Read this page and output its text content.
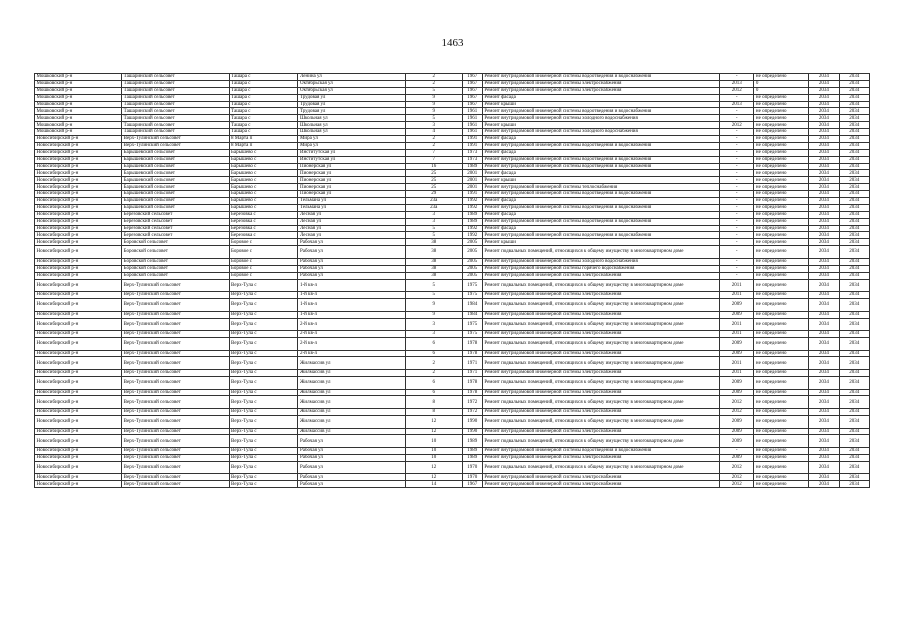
1463
Мошковский р-н	Ташаринский сельсовет	Ташара с	Ленина ул	2	1967	Ремонт внутридомовой инженерной системы водоотведения и водоснабжения	-	не определено	2034	2034
Мошковский р-н	Ташаринский сельсовет	Ташара с	Октябрьская ул	2	1967	Ремонт внутридомовой инженерной системы электроснабжения	2013	0	2034	2034
Мошковский р-н	Ташаринский сельсовет	Ташара с	Октябрьская ул	5	1967	Ремонт внутридомовой инженерной системы электроснабжения	2012	0	2034	2034
Мошковский р-н	Ташаринский сельсовет	Ташара с	Трудовая ул	9	1967	Ремонт фасада	-	не определено	2034	2034
Мошковский р-н	Ташаринский сельсовет	Ташара с	Трудовая ул	9	1967	Ремонт крыши	2013	не определено	2034	2034
Мошковский р-н	Ташаринский сельсовет	Ташара с	Трудовая ул	9	1961	Ремонт внутридомовой инженерной системы водоотведения и водоснабжения	-	не определено	2034	2034
Мошковский р-н	Ташаринский сельсовет	Ташара с	Школьная ул	5	1961	Ремонт внутридомовой инженерной системы холодного водоснабжения	-	не определено	2034	2034
Мошковский р-н	Ташаринский сельсовет	Ташара с	Школьная ул	3	1961	Ремонт крыши	2012	не определено	2034	2034
Мошковский р-н	Ташаринский сельсовет	Ташара с	Школьная ул	4	1961	Ремонт внутридомовой инженерной системы холодного водоснабжения	-	не определено	2034	2034
Новосибирский р-н	Верх-Тулинский сельсовет	8 Марта п	Мира ул	2	1991	Ремонт фасада	-	не определено	2034	2034
Новосибирский р-н	Верх-Тулинский сельсовет	8 Марта п	Мира ул	2	1991	Ремонт внутридомовой инженерной системы водоотведения и водоснабжения	-	не определено	2034	2034
Новосибирский р-н	Барышевский сельсовет	Барышево с	Институтская ул	7	1973	Ремонт фасада	-	не определено	2034	2034
Новосибирский р-н	Барышевский сельсовет	Барышево с	Институтская ул	7	1973	Ремонт внутридомовой инженерной системы водоотведения и водоснабжения	-	не определено	2034	2034
Новосибирский р-н	Барышевский сельсовет	Барышево с	Пионерская ул	16	1989	Ремонт внутридомовой инженерной системы водоотведения и водоснабжения	-	не определено	2034	2034
Новосибирский р-н	Барышевский сельсовет	Барышево с	Пионерская ул	25	2001	Ремонт фасада	-	не определено	2034	2034
Новосибирский р-н	Барышевский сельсовет	Барышево с	Пионерская ул	25	2001	Ремонт крыши	-	не определено	2034	2034
Новосибирский р-н	Барышевский сельсовет	Барышево с	Пионерская ул	25	2001	Ремонт внутридомовой инженерной системы теплоснабжения	-	не определено	2034	2034
Новосибирский р-н	Барышевский сельсовет	Барышево с	Пионерская ул	29	1991	Ремонт внутридомовой инженерной системы водоотведения и водоснабжения	-	не определено	2034	2034
Новосибирский р-н	Барышевский сельсовет	Барышево с	Тельмана ул	23а	1992	Ремонт фасада	-	не определено	2034	2034
Новосибирский р-н	Барышевский сельсовет	Барышево с	Тельмана ул	23а	1992	Ремонт внутридомовой инженерной системы водоотведения и водоснабжения	-	не определено	2034	2034
Новосибирский р-н	Березовский сельсовет	Березовка с	Лесная ул	3	1989	Ремонт фасада	-	не определено	2034	2034
Новосибирский р-н	Березовский сельсовет	Березовка с	Лесная ул	3	1989	Ремонт внутридомовой инженерной системы водоотведения и водоснабжения	-	не определено	2034	2034
Новосибирский р-н	Березовский сельсовет	Березовка с	Лесная ул	5	1992	Ремонт фасада	-	не определено	2034	2034
Новосибирский р-н	Березовский сельсовет	Березовка с	Лесная ул	5	1992	Ремонт внутридомовой инженерной системы водоотведения и водоснабжения	-	не определено	2034	2034
Новосибирский р-н	Боровской сельсовет	Боровое с	Рабочая ул	38	2005	Ремонт крыши	-	не определено	2034	2034
Новосибирский р-н	Боровской сельсовет	Боровое с	Рабочая ул	38	2005	Ремонт подвальных помещений, относящихся к общему имуществу в многоквартирном доме	-	не определено	2034	2034
Новосибирский р-н	Боровской сельсовет	Боровое с	Рабочая ул	38	2005	Ремонт внутридомовой инженерной системы холодного водоснабжения	-	не определено	2034	2034
Новосибирский р-н	Боровской сельсовет	Боровое с	Рабочая ул	38	2005	Ремонт внутридомовой инженерной системы горячего водоснабжения	-	не определено	2034	2034
Новосибирский р-н	Боровской сельсовет	Боровое с	Рабочая ул	38	2005	Ремонт внутридомовой инженерной системы электроснабжения	-	не определено	2034	2034
Новосибирский р-н	Верх-Тулинский сельсовет	Верх-Тула с	1-й кв-л	5	1975	Ремонт подвальных помещений, относящихся к общему имуществу в многоквартирном доме	2011	не определено	2034	2034
Новосибирский р-н	Верх-Тулинский сельсовет	Верх-Тула с	1-й кв-л	5	1975	Ремонт внутридомовой инженерной системы электроснабжения	2011	не определено	2034	2034
Новосибирский р-н	Верх-Тулинский сельсовет	Верх-Тула с	1-й кв-л	9	1984	Ремонт подвальных помещений, относящихся к общему имуществу в многоквартирном доме	2009	не определено	2034	2034
Новосибирский р-н	Верх-Тулинский сельсовет	Верх-Тула с	1-й кв-л	9	1984	Ремонт внутридомовой инженерной системы электроснабжения	2009	не определено	2034	2034
Новосибирский р-н	Верх-Тулинский сельсовет	Верх-Тула с	2-й кв-л	3	1975	Ремонт подвальных помещений, относящихся к общему имуществу в многоквартирном доме	2011	не определено	2034	2034
Новосибирский р-н	Верх-Тулинский сельсовет	Верх-Тула с	2-й кв-л	3	1975	Ремонт внутридомовой инженерной системы электроснабжения	2011	не определено	2034	2034
Новосибирский р-н	Верх-Тулинский сельсовет	Верх-Тула с	2-й кв-л	6	1978	Ремонт подвальных помещений, относящихся к общему имуществу в многоквартирном доме	2009	не определено	2034	2034
Новосибирский р-н	Верх-Тулинский сельсовет	Верх-Тула с	2-й кв-л	6	1978	Ремонт внутридомовой инженерной системы электроснабжения	2009	не определено	2034	2034
Новосибирский р-н	Верх-Тулинский сельсовет	Верх-Тула с	Жилмассив ул	2	1971	Ремонт подвальных помещений, относящихся к общему имуществу в многоквартирном доме	2011	не определено	2034	2034
Новосибирский р-н	Верх-Тулинский сельсовет	Верх-Тула с	Жилмассив ул	2	1971	Ремонт внутридомовой инженерной системы электроснабжения	2011	не определено	2034	2034
Новосибирский р-н	Верх-Тулинский сельсовет	Верх-Тула с	Жилмассив ул	6	1978	Ремонт подвальных помещений, относящихся к общему имуществу в многоквартирном доме	2009	не определено	2034	2034
Новосибирский р-н	Верх-Тулинский сельсовет	Верх-Тула с	Жилмассив ул	6	1978	Ремонт внутридомовой инженерной системы электроснабжения	2009	не определено	2034	2034
Новосибирский р-н	Верх-Тулинский сельсовет	Верх-Тула с	Жилмассив ул	8	1972	Ремонт подвальных помещений, относящихся к общему имуществу в многоквартирном доме	2012	не определено	2034	2034
Новосибирский р-н	Верх-Тулинский сельсовет	Верх-Тула с	Жилмассив ул	8	1972	Ремонт внутридомовой инженерной системы электроснабжения	2012	не определено	2034	2034
Новосибирский р-н	Верх-Тулинский сельсовет	Верх-Тула с	Жилмассив ул	12	1990	Ремонт подвальных помещений, относящихся к общему имуществу в многоквартирном доме	2009	не определено	2034	2034
Новосибирский р-н	Верх-Тулинский сельсовет	Верх-Тула с	Жилмассив ул	12	1990	Ремонт внутридомовой инженерной системы электроснабжения	2009	не определено	2034	2034
Новосибирский р-н	Верх-Тулинский сельсовет	Верх-Тула с	Рабочая ул	10	1989	Ремонт подвальных помещений, относящихся к общему имуществу в многоквартирном доме	2009	не определено	2034	2034
Новосибирский р-н	Верх-Тулинский сельсовет	Верх-Тула с	Рабочая ул	10	1989	Ремонт внутридомовой инженерной системы водоотведения и водоснабжения	-	не определено	2034	2034
Новосибирский р-н	Верх-Тулинский сельсовет	Верх-Тула с	Рабочая ул	10	1989	Ремонт внутридомовой инженерной системы электроснабжения	2009	не определено	2034	2034
Новосибирский р-н	Верх-Тулинский сельсовет	Верх-Тула с	Рабочая ул	12	1970	Ремонт подвальных помещений, относящихся к общему имуществу в многоквартирном доме	2012	не определено	2034	2034
Новосибирский р-н	Верх-Тулинский сельсовет	Верх-Тула с	Рабочая ул	12	1970	Ремонт внутридомовой инженерной системы электроснабжения	2012	не определено	2034	2034
Новосибирский р-н	Верх-Тулинский сельсовет	Верх-Тула с	Рабочая ул	14	1967	Ремонт внутридомовой инженерной системы электроснабжения	2012	не определено	2034	2034
